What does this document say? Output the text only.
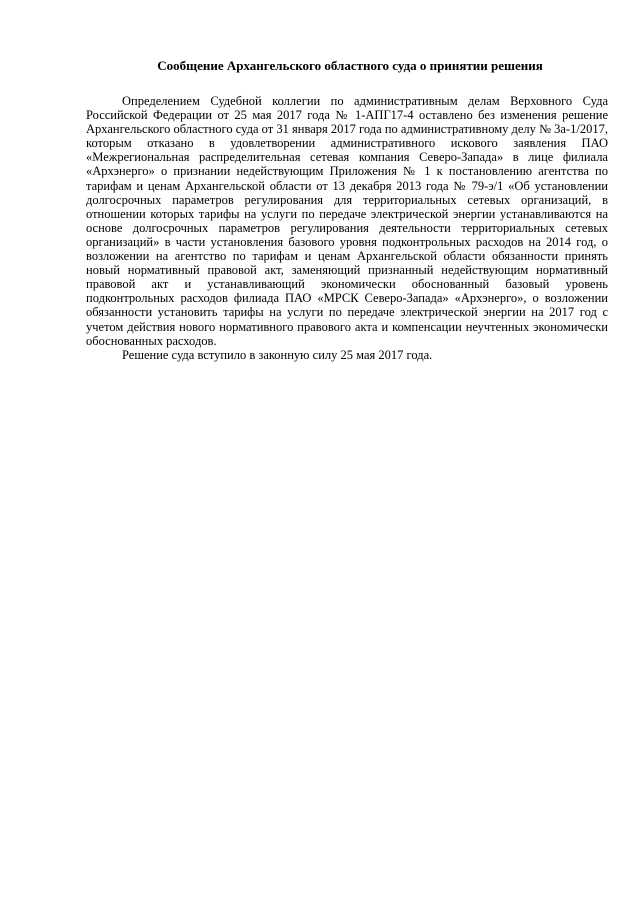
Сообщение Архангельского областного суда о принятии решения

Определением Судебной коллегии по административным делам Верховного Суда Российской Федерации от 25 мая 2017 года № 1-АПГ17-4 оставлено без изменения решение Архангельского областного суда от 31 января 2017 года по административному делу № 3а-1/2017, которым отказано в удовлетворении административного искового заявления ПАО «Межрегиональная распределительная сетевая компания Северо-Запада» в лице филиала «Архэнерго» о признании недействующим Приложения № 1 к постановлению агентства по тарифам и ценам Архангельской области от 13 декабря 2013 года № 79-э/1 «Об установлении долгосрочных параметров регулирования для территориальных сетевых организаций, в отношении которых тарифы на услуги по передаче электрической энергии устанавливаются на основе долгосрочных параметров регулирования деятельности территориальных сетевых организаций» в части установления базового уровня подконтрольных расходов на 2014 год, о возложении на агентство по тарифам и ценам Архангельской области обязанности принять новый нормативный правовой акт, заменяющий признанный недействующим нормативный правовой акт и устанавливающий экономически обоснованный базовый уровень подконтрольных расходов филиада ПАО «МРСК Северо-Запада» «Архэнерго», о возложении обязанности установить тарифы на услуги по передаче электрической энергии на 2017 год с учетом действия нового нормативного правового акта и компенсации неучтенных экономически обоснованных расходов.

Решение суда вступило в законную силу 25 мая 2017 года.
